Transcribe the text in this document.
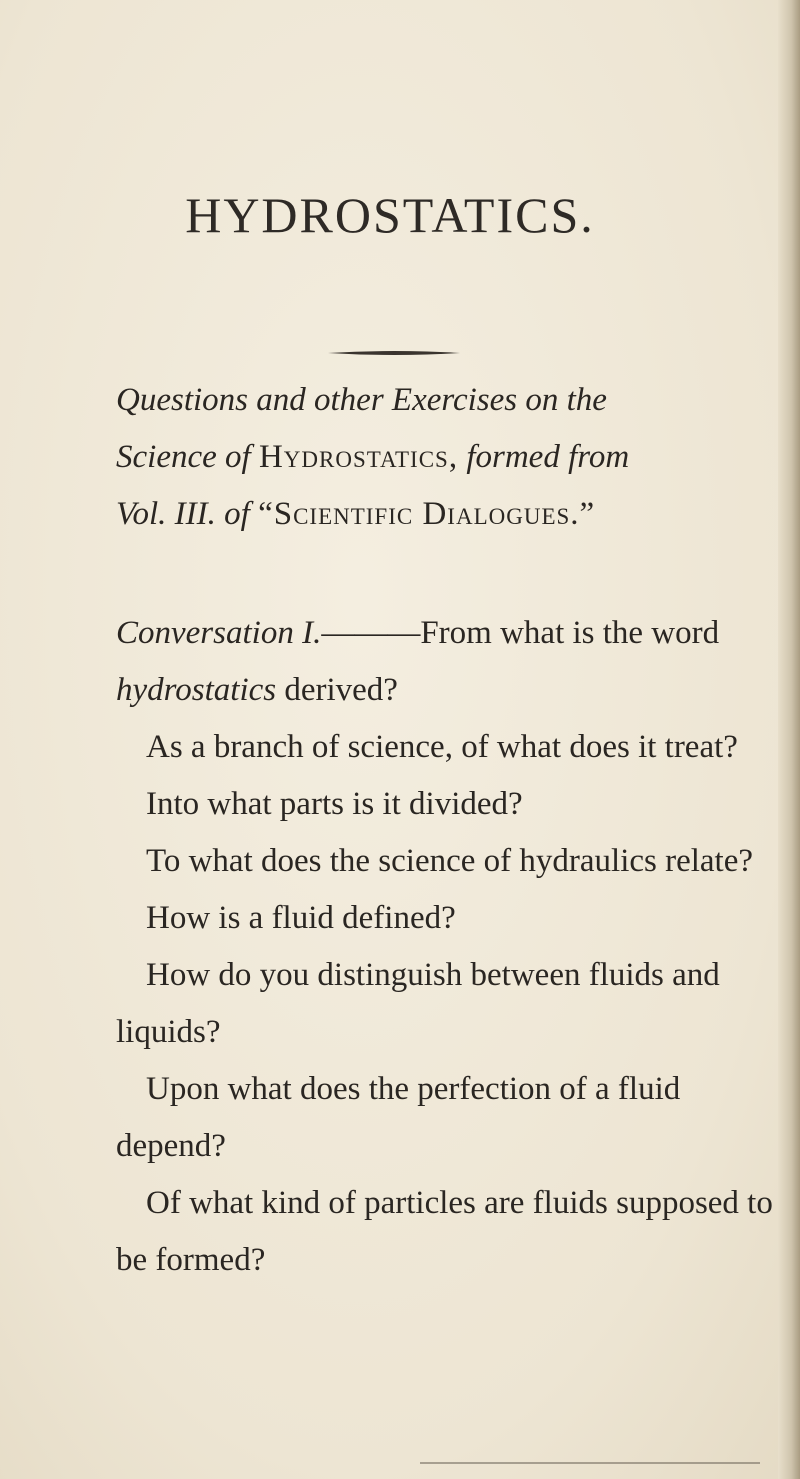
HYDROSTATICS.
Questions and other Exercises on the
Science of Hydrostatics, formed from
Vol. III. of “Scientific Dialogues.”

Conversation I.———From what is the word hydrostatics derived?

As a branch of science, of what does it treat?

Into what parts is it divided?

To what does the science of hydraulics relate?

How is a fluid defined?

How do you distinguish between fluids and liquids?

Upon what does the perfection of a fluid depend?

Of what kind of particles are fluids supposed to be formed?
